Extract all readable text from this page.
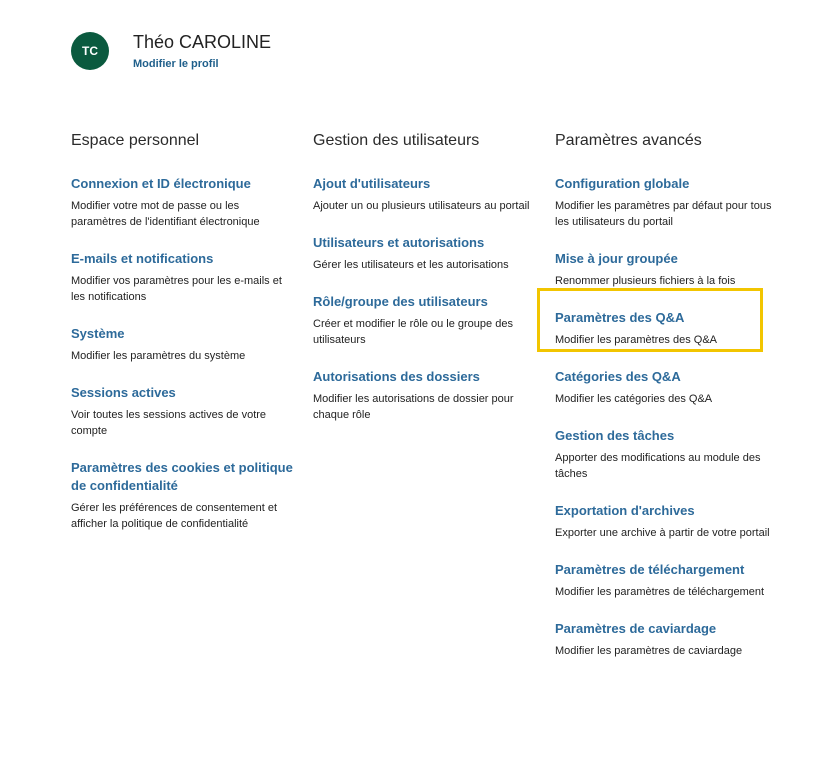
TC	Théo CAROLINE
Modifier le profil
Espace personnel
Connexion et ID électronique
Modifier votre mot de passe ou les paramètres de l'identifiant électronique
E-mails et notifications
Modifier vos paramètres pour les e-mails et les notifications
Système
Modifier les paramètres du système
Sessions actives
Voir toutes les sessions actives de votre compte
Paramètres des cookies et politique de confidentialité
Gérer les préférences de consentement et afficher la politique de confidentialité
Gestion des utilisateurs
Ajout d'utilisateurs
Ajouter un ou plusieurs utilisateurs au portail
Utilisateurs et autorisations
Gérer les utilisateurs et les autorisations
Rôle/groupe des utilisateurs
Créer et modifier le rôle ou le groupe des utilisateurs
Autorisations des dossiers
Modifier les autorisations de dossier pour chaque rôle
Paramètres avancés
Configuration globale
Modifier les paramètres par défaut pour tous les utilisateurs du portail
Mise à jour groupée
Renommer plusieurs fichiers à la fois
Paramètres des Q&A
Modifier les paramètres des Q&A
Catégories des Q&A
Modifier les catégories des Q&A
Gestion des tâches
Apporter des modifications au module des tâches
Exportation d'archives
Exporter une archive à partir de votre portail
Paramètres de téléchargement
Modifier les paramètres de téléchargement
Paramètres de caviardage
Modifier les paramètres de caviardage
